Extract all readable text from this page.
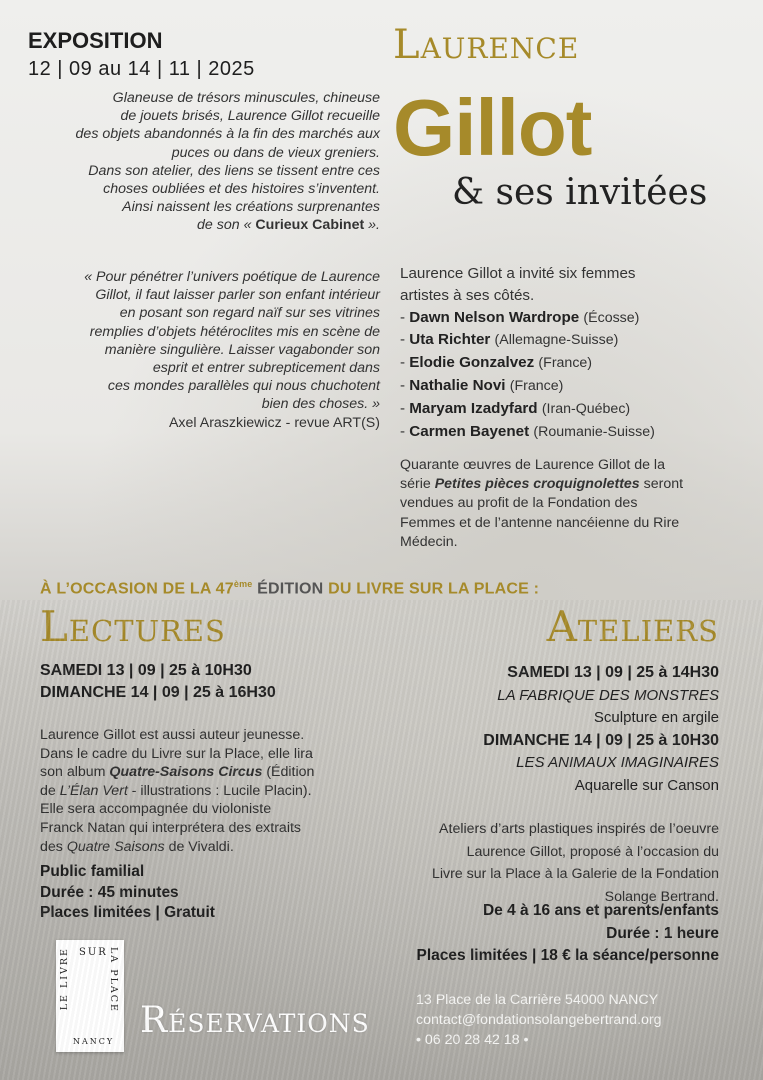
EXPOSITION
12 | 09 au 14 | 11 | 2025
Glaneuse de trésors minuscules, chineuse
de jouets brisés, Laurence Gillot recueille
des objets abandonnés à la fin des marchés aux
puces ou dans de vieux greniers.
Dans son atelier, des liens se tissent entre ces
choses oubliées et des histoires s’inventent.
Ainsi naissent les créations surprenantes
de son « Curieux Cabinet ».
« Pour pénétrer l’univers poétique de Laurence
Gillot, il faut laisser parler son enfant intérieur
en posant son regard naïf sur ses vitrines
remplies d’objets hétéroclites mis en scène de
manière singulière. Laisser vagabonder son
esprit et entrer subrepticement dans
ces mondes parallèles qui nous chuchotent
bien des choses. »
Axel Araszkiewicz - revue ART(S)
Laurence
Gillot
& ses invitées
Laurence Gillot a invité six femmes
artistes à ses côtés.
- Dawn Nelson Wardrope (Écosse)
- Uta Richter (Allemagne-Suisse)
- Elodie Gonzalvez (France)
- Nathalie Novi (France)
- Maryam Izadyfard (Iran-Québec)
- Carmen Bayenet (Roumanie-Suisse)
Quarante œuvres de Laurence Gillot de la
série Petites pièces croquignolettes seront
vendues au profit de la Fondation des
Femmes et de l’antenne nancéienne du Rire
Médecin.
À L’OCCASION DE LA 47ème ÉDITION DU LIVRE SUR LA PLACE :
Lectures
SAMEDI 13 | 09 | 25 à 10H30
DIMANCHE 14 | 09 | 25 à 16H30
Laurence Gillot est aussi auteur jeunesse.
Dans le cadre du Livre sur la Place, elle lira
son album Quatre-Saisons Circus (Édition
de L’Élan Vert - illustrations : Lucile Placin).
Elle sera accompagnée du violoniste
Franck Natan qui interprétera des extraits
des Quatre Saisons de Vivaldi.
Public familial
Durée : 45 minutes
Places limitées | Gratuit
Ateliers
SAMEDI 13 | 09 | 25 à 14H30
LA FABRIQUE DES MONSTRES
Sculpture en argile
DIMANCHE 14 | 09 | 25 à 10H30
LES ANIMAUX IMAGINAIRES
Aquarelle sur Canson
Ateliers d’arts plastiques inspirés de l’oeuvre
Laurence Gillot, proposé à l’occasion du
Livre sur la Place à la Galerie de la Fondation
Solange Bertrand.
De 4 à 16 ans et parents/enfants
Durée : 1 heure
Places limitées | 18 € la séance/personne
LE LIVRE SUR LA PLACE
NANCY
Réservations	13 Place de la Carrière 54000 NANCY
contact@fondationsolangebertrand.org
• 06 20 28 42 18 •
